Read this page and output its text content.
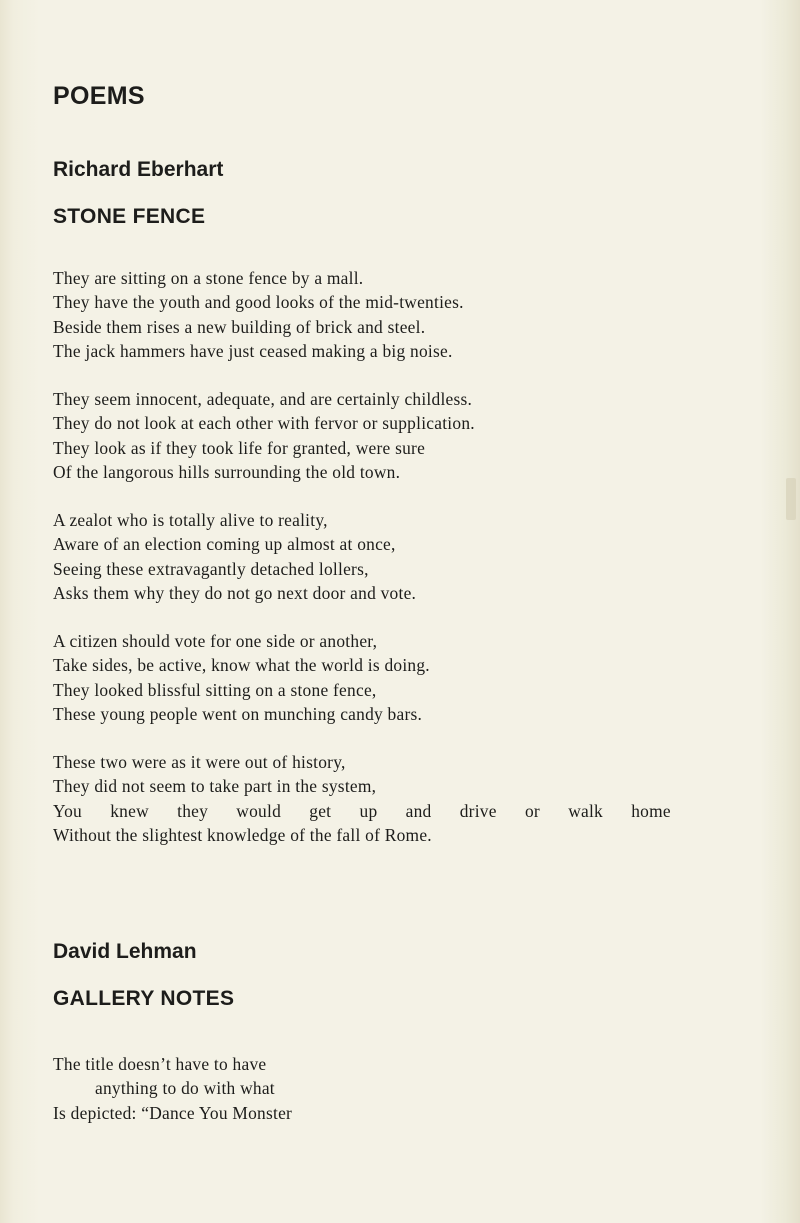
POEMS
Richard Eberhart
STONE FENCE
They are sitting on a stone fence by a mall.
They have the youth and good looks of the mid-twenties.
Beside them rises a new building of brick and steel.
The jack hammers have just ceased making a big noise.
They seem innocent, adequate, and are certainly childless.
They do not look at each other with fervor or supplication.
They look as if they took life for granted, were sure
Of the langorous hills surrounding the old town.
A zealot who is totally alive to reality,
Aware of an election coming up almost at once,
Seeing these extravagantly detached lollers,
Asks them why they do not go next door and vote.
A citizen should vote for one side or another,
Take sides, be active, know what the world is doing.
They looked blissful sitting on a stone fence,
These young people went on munching candy bars.
These two were as it were out of history,
They did not seem to take part in the system,
You knew they would get up and drive or walk home
Without the slightest knowledge of the fall of Rome.
David Lehman
GALLERY NOTES
The title doesn’t have to have
anything to do with what
Is depicted: “Dance You Monster
